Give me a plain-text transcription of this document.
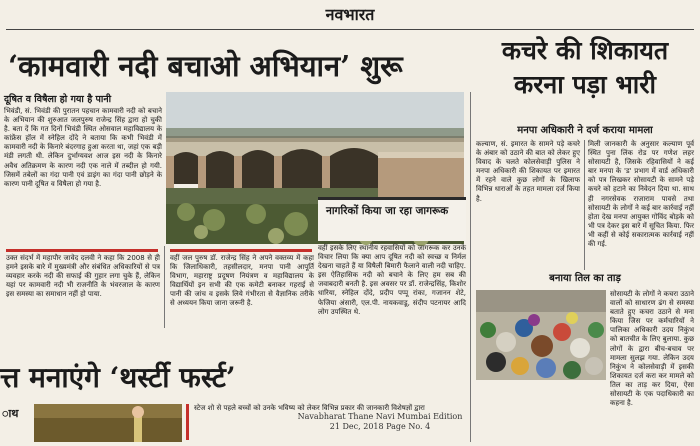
नवभारत
‘कामवारी नदी बचाओ अभियान’ शुरू
दूषित व विषैला हो गया है पानी
भिवंडी, सं. भिवंडी की पुरातन पहचान कामवारी नदी को बचाने के अभियान की शुरुआत जलपुरुष राजेन्द्र सिंह द्वारा हो चुकी है. बता दें कि गत दिनों भिवंडी स्थित ओसवाल महाविद्यालय के कांफ्रेंस हॉल में स्नेहिल दोंदे ने बताया कि कभी भिवंडी में कामवारी नदी के किनारे बंदरगाह हुआ करता था, जहां एक बड़ी मंडी लगती थी. लेकिन दुर्भाग्यवश आज इस नदी के किनारे अवैध अतिक्रमण के कारण नदी एक नाले में तब्दील हो गयी. जिसमें तबेलों का गंदा पानी एवं डाइंग का गंदा पानी छोड़ने के कारण पानी दूषित व विषैला हो गया है.
उक्त संदर्भ में महापौर जावेद दलवी ने कहा कि 2008 से ही हमने इसके बारे में मुख्यमंत्री और संबंधित अधिकारियों से पत्र व्यवहार करके नदी की सफाई की गुहार लगा चुके हैं, लेकिन यहां पर कामवारी नदी भी राजनीति के भंवरजाल के कारण इस समस्या का समाधान नहीं हो पाया.
वहीं जल पुरुष डॉ. राजेन्द्र सिंह ने अपने वक्तव्य में कहा कि जिलाधिकारी, तहसीलदार, मनपा पानी आपूर्ति विभाग, महाराष्ट्र प्रदूषण नियंत्रण व महाविद्यालय के विद्यार्थियों इन सभी की एक कमेटी बनाकर गहराई से पानी की जांच व इसके लिये गंभीरता से वैज्ञानिक तरीके से अध्ययन किया जाना जरूरी है.
नागरिकों किया जा रहा जागरूक
वहीं इसके लिए स्थानीय रहवासियों को जागरूक कर उनके विचार लिया कि क्या आप दूषित नदी को स्वच्छ व निर्मल देखना चाहते हैं या विषैली बिमारी फैलाने वाली नदी चाहिए. इस ऐतिहासिक नदी को बचाने के लिए हम सब की जवाबदारी बनती है. इस अवसर पर डॉ. राजेन्द्रसिंह, किशोर धारिया, स्नेहिल दोंदे, प्रदीप पप्पू रांका, गजानन शेटे, फेजिया अंसारी, एल.पी. नायकवाडू, संदीप पटनायर आदि लोग उपस्थित थे.
कचरे की शिकायत करना पड़ा भारी
मनपा अधिकारी ने दर्ज कराया मामला
कल्याण, सं. इमारत के सामने पड़े कचरे के अंबार को उठाने की बात को लेकर हुए विवाद के चलते कोलसेवाड़ी पुलिस ने मनपा अधिकारी की शिकायत पर इमारत में रहने वाले कुछ लोगों के खिलाफ विभिन्न धाराओं के तहत मामला दर्ज किया है.
मिली जानकारी के अनुसार कल्याण पूर्व स्थित पुना लिंक रोड पर गणेश लहर सोसायटी है, जिसके रहिवासियों ने कई बार मनपा के 'ड' प्रभाग में वार्ड अधिकारी को पत्र लिखकर सोसायटी के सामने पड़े कचरे को हटाने का निवेदन दिया था. साथ ही नगरसेवक राजाराम पावसे तथा सोसायटी के लोगों ने कई बार कार्रवाई नहीं होता देख मनपा आयुक्त गोविंद बोड़के को भी पत्र देकर इस बारे में सूचित किया. फिर भी कहीं से कोई सकारात्मक कार्रवाई नहीं की गई.
बनाया तिल का ताड़
सोसायटी के लोगों ने कचरा उठाने वालों को साधारण ढंग से समस्या बताते हुए कचरा उठाने से मना किया जिस पर कर्मचारियों ने पालिका अधिकारी उदय निकुंभ को बातचीत के लिए बुलाया. कुछ लोगों के द्वारा बीच-बचाव पर मामला सुलझ गया. लेकिन उदय निकुंभ ने कोलसेवाड़ी में इसकी शिकायत दर्ज करा कर मामले को तिल का ताड़ कर दिया, ऐसा सोसायटी के एक पदाधिकारी का कहना है.
त्त मनाएंगे ‘थर्स्टी फर्स्ट’
ाथ	स्टेज शो से पहले बच्चों को उनके भविष्य को लेकर विभिन्न प्रकार की जानकारी विशेषज्ञों द्वारा
Navabharat Thane Navi Mumbai Edition
21 Dec, 2018 Page No. 4
